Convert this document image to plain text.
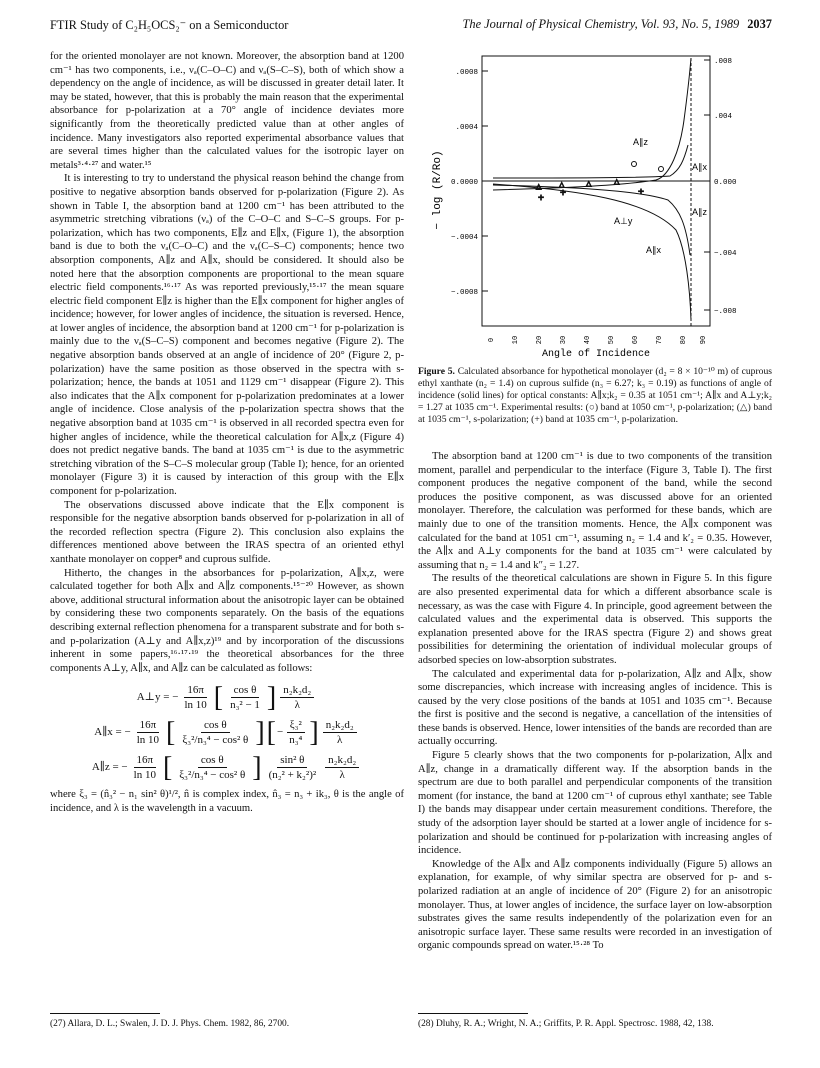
FTIR Study of C₂H₅OCS₂⁻ on a Semiconductor	The Journal of Physical Chemistry, Vol. 93, No. 5, 1989 2037

for the oriented monolayer are not known. Moreover, the absorption band at 1200 cm⁻¹ has two components, i.e., νₐ(C–O–C) and νₐ(S–C–S), both of which show a dependency on the angle of incidence, as will be discussed in greater detail later. It may be stated, however, that this is probably the main reason that the experimental absorbance for p-polarization at a 70° angle of incidence deviates more significantly from the theoretically predicted value than at other angles of incidence. Many investigators also reported experimental absorbance values that are several times higher than the calculated values for the isotropic layer on metals³·⁴·²⁷ and water.¹⁵

It is interesting to try to understand the physical reason behind the change from positive to negative absorption bands observed for p-polarization (Figure 2). As shown in Table I, the absorption band at 1200 cm⁻¹ has been attributed to the asymmetric stretching vibrations (νₐ) of the C–O–C and S–C–S groups. For p-polarization, which has two components, E∥z and E∥x, (Figure 1), the absorption band is due to both the νₐ(C–O–C) and the νₐ(C–S–C) components; hence two absorption components, A∥z and A∥x, should be considered. It should also be noted here that the absorption components are proportional to the mean square electric field components.¹⁶·¹⁷ As was reported previously,¹⁵·¹⁷ the mean square electric field component E∥z is higher than the E∥x component for higher angles of incidence; however, for lower angles of incidence, the situation is reversed. Hence, at lower angles of incidence, the absorption band at 1200 cm⁻¹ for p-polarization is mainly due to the νₐ(S–C–S) component and becomes negative (Figure 2). The negative absorption bands observed at an angle of incidence of 20° (Figure 2, p-polarization) have the same position as those observed in the spectra with s-polarization; hence, the bands at 1051 and 1129 cm⁻¹ disappear (Figure 2). This also indicates that the A∥x component for p-polarization predominates at a lower angle of incidence. Close analysis of the p-polarization spectra shows that the negative absorption band at 1035 cm⁻¹ is observed in all recorded spectra even for higher angles of incidence, while the theoretical calculation for A∥x,z (Figure 4) does not predict negative bands. The band at 1035 cm⁻¹ is due to the asymmetric stretching vibration of the S–C–S molecular group (Table I); hence, for an oriented monolayer (Figure 3) it is caused by interaction of this group with the E∥x component for p-polarization.

The observations discussed above indicate that the E∥x component is responsible for the negative absorption bands observed for p-polarization in all of the recorded reflection spectra (Figure 2). This conclusion also explains the differences mentioned above between the IRAS spectra of an oriented ethyl xanthate monolayer on copper⁸ and cuprous sulfide.

Hitherto, the changes in the absorbances for p-polarization, A∥x,z, were calculated together for both A∥x and A∥z components.¹⁵⁻²⁰ However, as shown above, additional structural information about the anisotropic layer can be obtained by considering these two components separately. On the basis of the equations describing external reflection phenomena for a transparent substrate and for both s- and p-polarization (A⊥y and A∥x,z)¹⁹ and by incorporation of the discussions inherent in some papers,¹⁶·¹⁷·¹⁹ the theoretical absorbances for the three components A⊥y, A∥x, and A∥z can be calculated as follows:

A⊥y = − $\frac{16\pi}{\ln 10}$ [ $\frac{\text{cos θ}}{\text{n₃² − 1}}$ ] $\frac{\text{n₂k₂d₂}}{\lambda}$
A∥x = − $\frac{16\pi}{\ln 10}$ [ $\frac{\text{cos θ}}{\text{ξ₃²/n₃⁴ − cos² θ}}$ ] [ − $\frac{\text{ξ₃²}}{\text{n₃⁴}}$ ] $\frac{\text{n₂k₂d₂}}{\lambda}$
A∥z = − $\frac{16\pi}{\ln 10}$ [ $\frac{\text{cos θ}}{\text{ξ₃²/n₃⁴ − cos² θ}}$ ] $\frac{\text{sin² θ}}{\text{(n₂² + k₂²)²}} \frac{\text{n₂k₂d₂}}{\lambda}$

where ξ₃ = (n̂₃² − n₁ sin² θ)¹/², n̂ is complex index, n̂₃ = n₃ + ik₃, θ is the angle of incidence, and λ is the wavelength in a vacuum.

(27) Allara, D. L.; Swalen, J. D. J. Phys. Chem. 1982, 86, 2700.
.0008
.0004
0.0000
−.0004
−.0008
.008
.004
0.000
−.004
−.008
− log (R/Ro)
0 10 20 30 40 50 60 70 80 90
Angle of Incidence
△ △ △	△
+ +	+
A∥z
A∥x
A∥z
A⊥y
A∥x
Figure 5. Calculated absorbance for hypothetical monolayer (d₂ = 8 × 10⁻¹⁰ m) of cuprous ethyl xanthate (n₂ = 1.4) on cuprous sulfide (n₃ = 6.27; k₃ = 0.19) as functions of angle of incidence (solid lines) for optical constants: A∥x;k₂ = 0.35 at 1051 cm⁻¹; A∥x and A⊥y;k₂ = 1.27 at 1035 cm⁻¹. Experimental results: (○) band at 1050 cm⁻¹, p-polarization; (△) band at 1035 cm⁻¹, s-polarization; (+) band at 1035 cm⁻¹, p-polarization.

The absorption band at 1200 cm⁻¹ is due to two components of the transition moment, parallel and perpendicular to the interface (Figure 3, Table I). The first component produces the negative component of the band, while the second produces the positive component, as was discussed above for an oriented monolayer. Therefore, the calculation was performed for these bands, which are mainly due to one of the transition moments. Hence, the A∥x component was calculated for the band at 1051 cm⁻¹, assuming n₂ = 1.4 and k′₂ = 0.35. However, the A∥x and A⊥y components for the band at 1035 cm⁻¹ were calculated by assuming that n₂ = 1.4 and k″₂ = 1.27.

The results of the theoretical calculations are shown in Figure 5. In this figure are also presented experimental data for which a different absorbance scale is necessary, as was the case with Figure 4. In principle, good agreement between the calculated values and the experimental data is observed. This supports the explanation presented above for the IRAS spectra (Figure 2) and shows great possibilities for determining the orientation of individual molecular groups of adsorbed species on low-absorption substrates.

The calculated and experimental data for p-polarization, A∥z and A∥x, show some discrepancies, which increase with increasing angles of incidence. This is caused by the very close positions of the bands at 1051 and 1035 cm⁻¹. Because the first is positive and the second is negative, a cancellation of the intensities of these bands is observed. Hence, lower intensities of the bands are recorded than are actually occurring.

Figure 5 clearly shows that the two components for p-polarization, A∥x and A∥z, change in a dramatically different way. If the absorption bands in the spectrum are due to both parallel and perpendicular components of the transition moment (for instance, the band at 1200 cm⁻¹ of cuprous ethyl xanthate; see Table I) the bands may disappear under certain measurement conditions. Therefore, the study of the adsorption layer should be started at a lower angle of incidence for s-polarization and should be continued for p-polarization with increasing angles of incidence.

Knowledge of the A∥x and A∥z components individually (Figure 5) allows an explanation, for example, of why similar spectra are observed for p- and s-polarized radiation at an angle of incidence of 20° (Figure 2) for an anisotropic monolayer. Thus, at lower angles of incidence, the surface layer on low-absorption substrates gives the same results independently of the polarization even for an anisotropic surface layer. These same results were recorded in an investigation of organic compounds spread on water.¹⁵·²⁸ To

(28) Dluhy, R. A.; Wright, N. A.; Griffits, P. R. Appl. Spectrosc. 1988, 42, 138.
